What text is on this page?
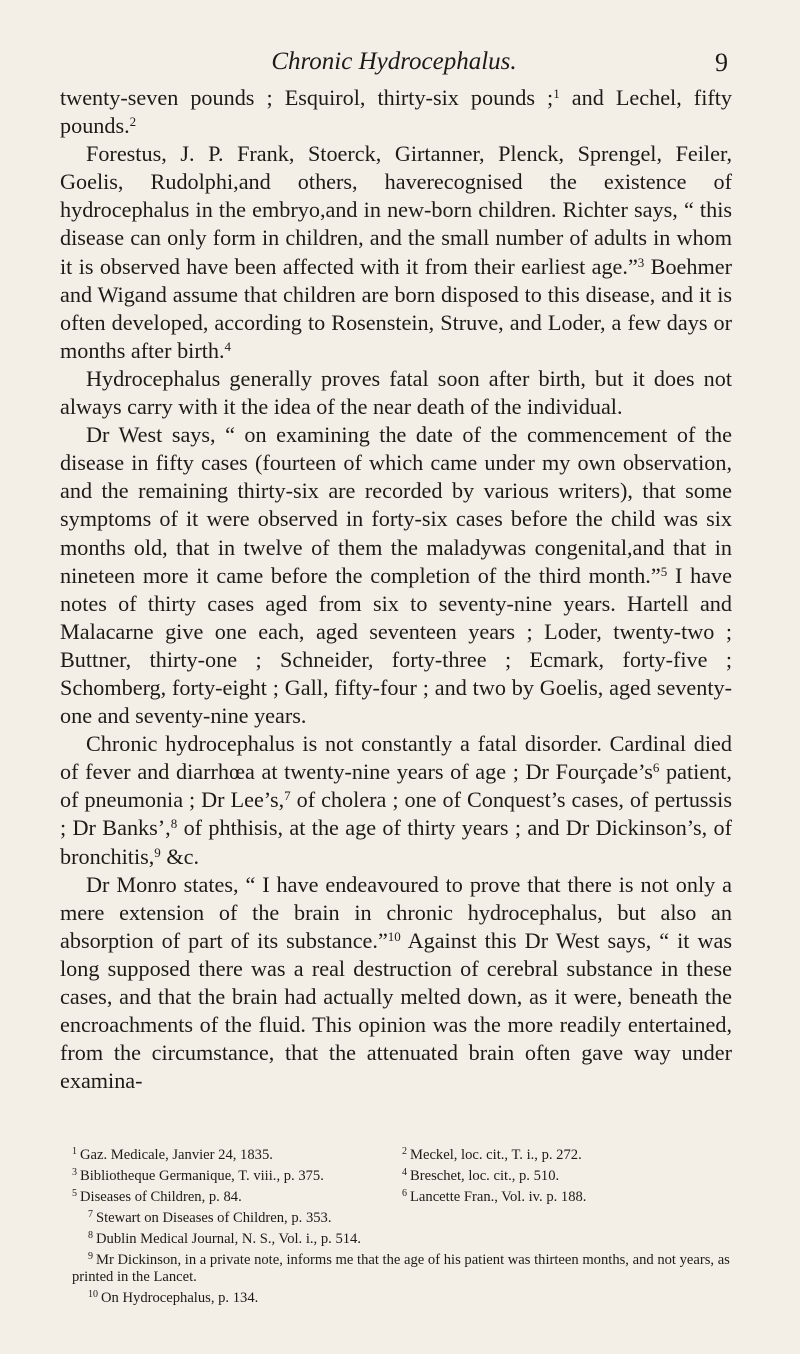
Chronic Hydrocephalus.	9

twenty-seven pounds ; Esquirol, thirty-six pounds ;$^1$ and Lechel, fifty pounds.$^2$

Forestus, J. P. Frank, Stoerck, Girtanner, Plenck, Sprengel, Feiler, Goelis, Rudolphi,and others, haverecognised the existence of hydrocephalus in the embryo,and in new-born children. Richter says, “ this disease can only form in children, and the small number of adults in whom it is observed have been affected with it from their earliest age.”$^3$ Boehmer and Wigand assume that children are born disposed to this disease, and it is often developed, according to Rosenstein, Struve, and Loder, a few days or months after birth.$^4$

Hydrocephalus generally proves fatal soon after birth, but it does not always carry with it the idea of the near death of the individual.

Dr West says, “ on examining the date of the commencement of the disease in fifty cases (fourteen of which came under my own observation, and the remaining thirty-six are recorded by various writers), that some symptoms of it were observed in forty-six cases before the child was six months old, that in twelve of them the maladywas congenital,and that in nineteen more it came before the completion of the third month.”$^5$ I have notes of thirty cases aged from six to seventy-nine years. Hartell and Malacarne give one each, aged seventeen years ; Loder, twenty-two ; Buttner, thirty-one ; Schneider, forty-three ; Ecmark, forty-five ; Schomberg, forty-eight ; Gall, fifty-four ; and two by Goelis, aged seventy-one and seventy-nine years.

Chronic hydrocephalus is not constantly a fatal disorder. Cardinal died of fever and diarrhœa at twenty-nine years of age ; Dr $Fourçade’s^6$ patient, of pneumonia ; Dr Lee’s,$^7$ of cholera ; one of Conquest’s cases, of pertussis ; Dr Banks’,$^8$ of phthisis, at the age of thirty years ; and Dr Dickinson’s, of bronchitis,$^9$ &c.

Dr Monro states, “ I have endeavoured to prove that there is not only a mere extension of the brain in chronic hydrocephalus, but also an absorption of part of its substance.”$^{10}$ Against this Dr West says, “ it was long supposed there was a real destruction of cerebral substance in these cases, and that the brain had actually melted down, as it were, beneath the encroachments of the fluid. This opinion was the more readily entertained, from the circumstance, that the attenuated brain often gave way under examina-

$^1$ Gaz. Medicale, Janvier 24, 1835.	$^2$ Meckel, loc. cit., T. i., p. 272.
$^3$ Bibliotheque Germanique, T. viii., p. 375.	$^4$ Breschet, loc. cit., p. 510.
$^5$ Diseases of Children, p. 84.	$^6$ Lancette Fran., Vol. iv. p. 188.

$^7$ Stewart on Diseases of Children, p. 353.

$^8$ Dublin Medical Journal, N. S., Vol. i., p. 514.

$^9$ Mr Dickinson, in a private note, informs me that the age of his patient was thirteen months, and not years, as printed in the Lancet.

$^{10}$ On Hydrocephalus, p. 134.
